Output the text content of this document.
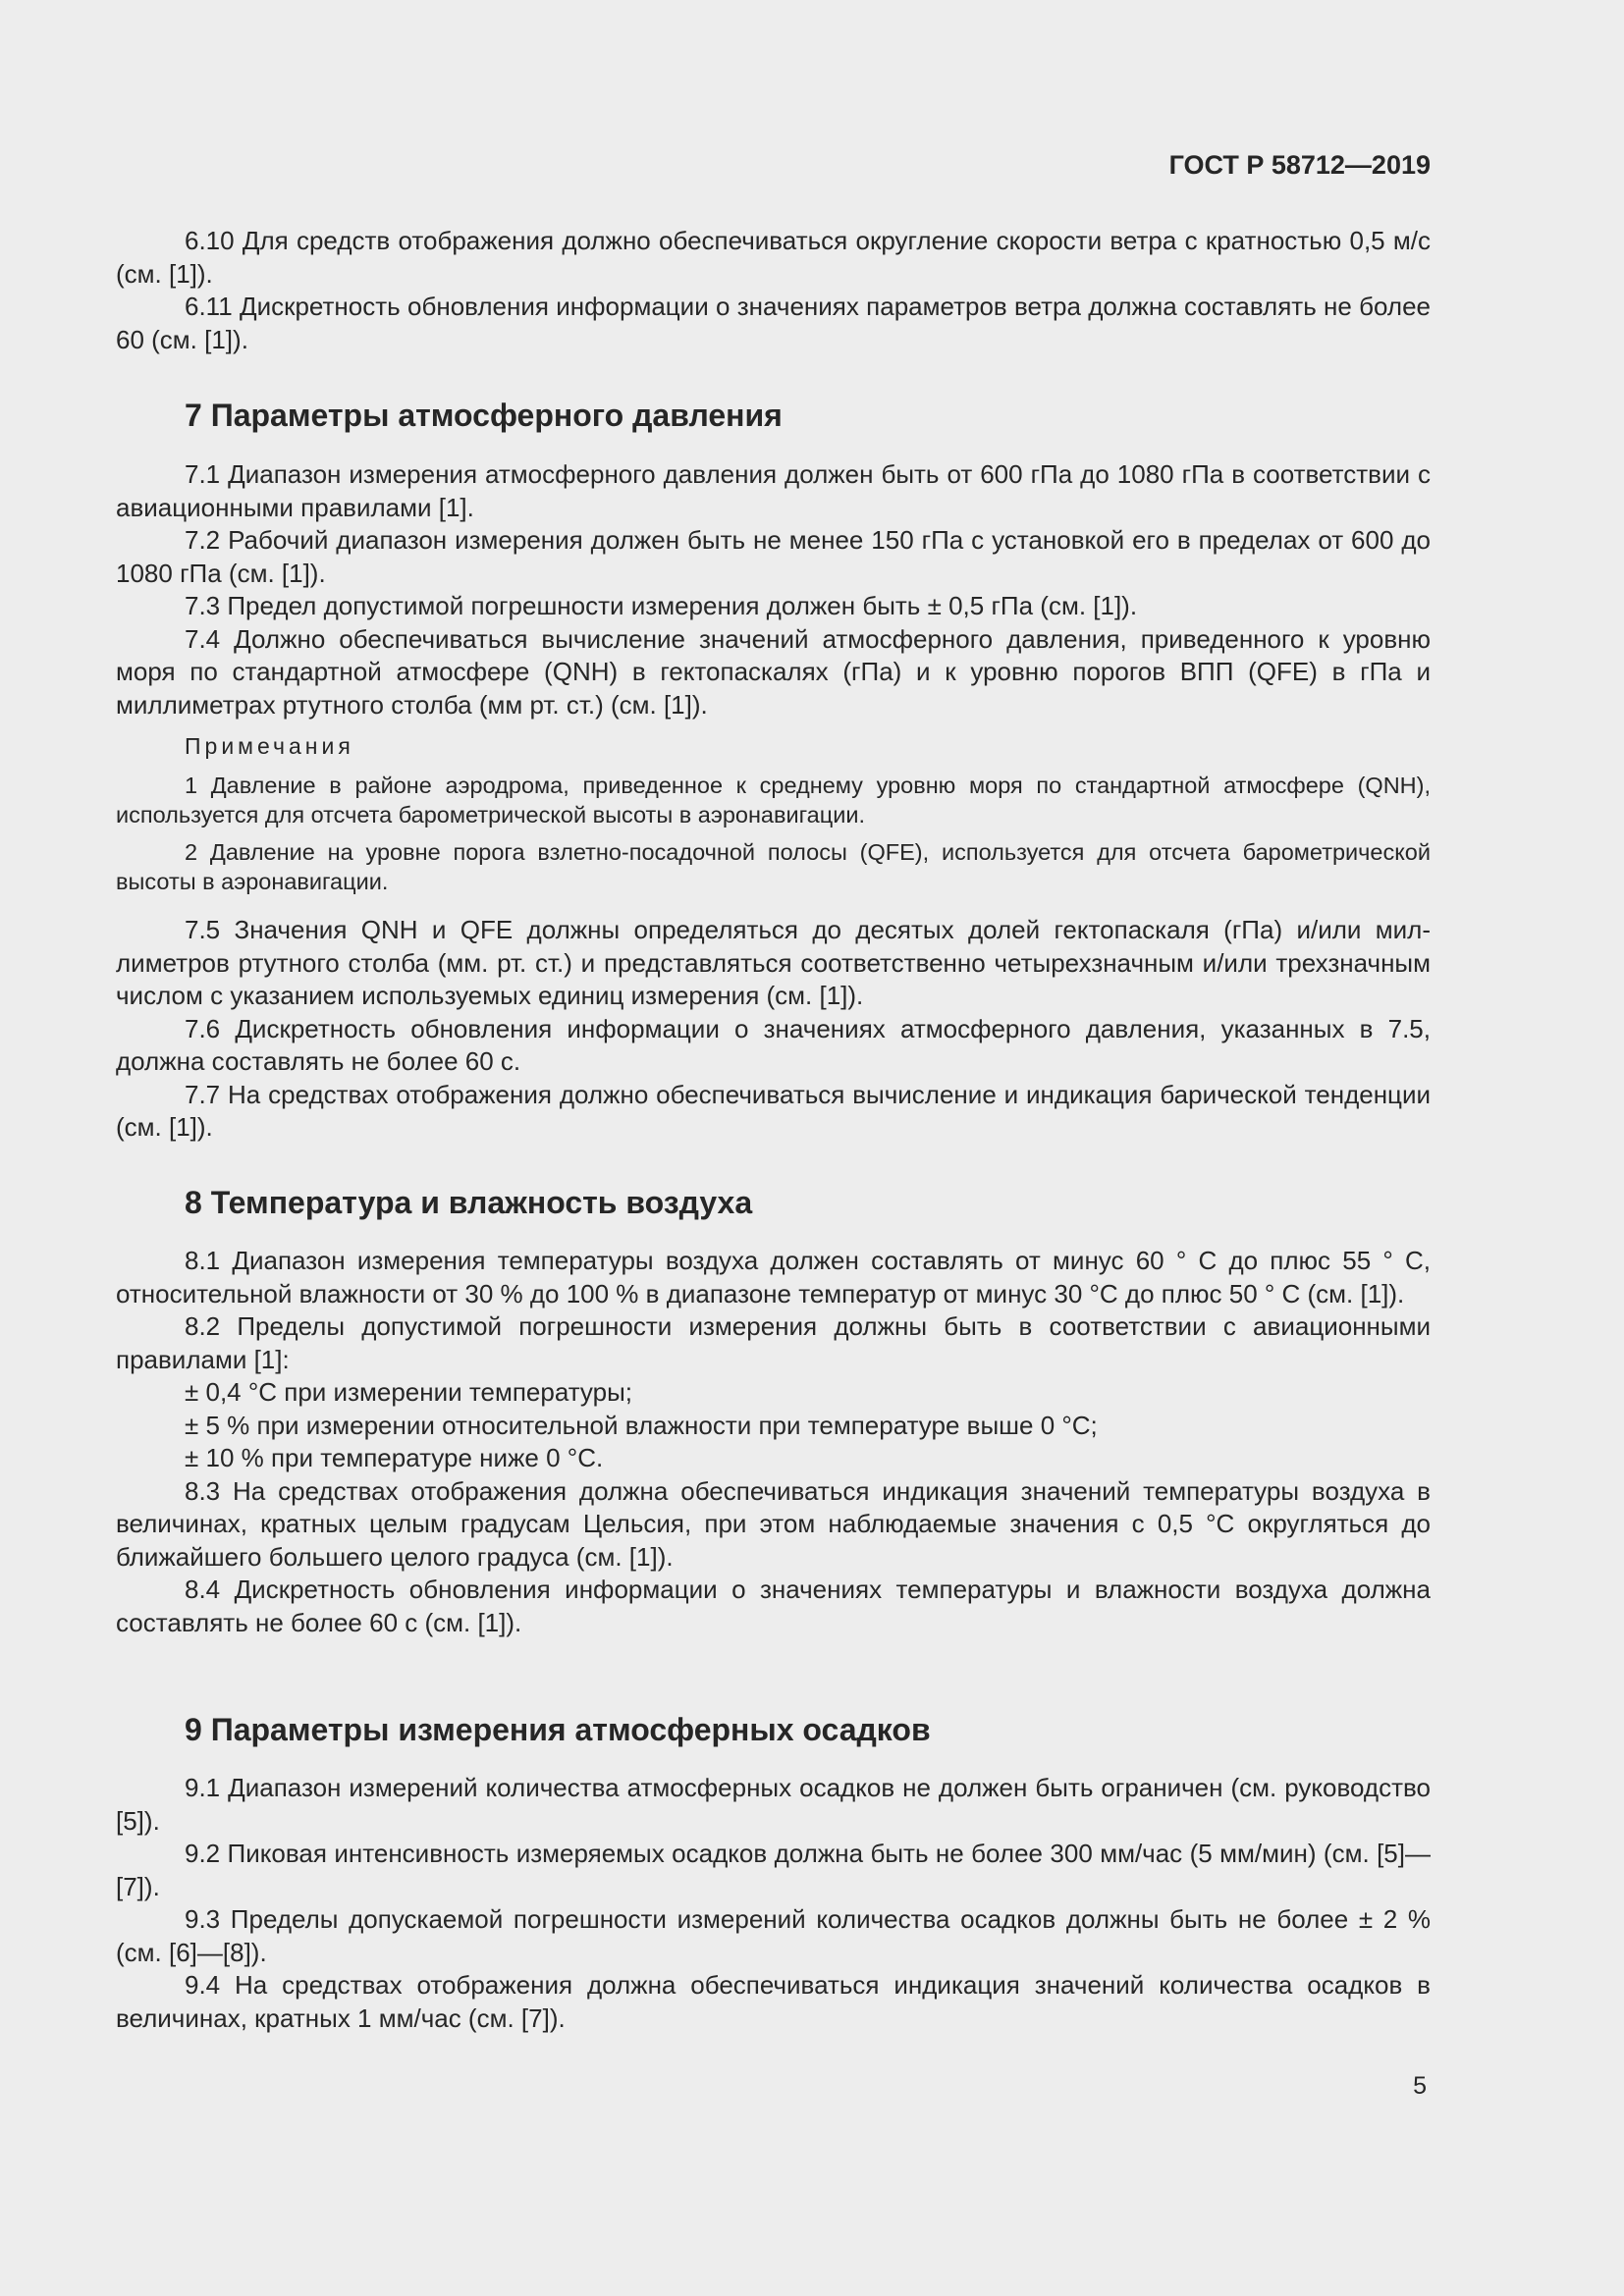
ГОСТ Р 58712—2019

6.10 Для средств отображения должно обеспечиваться округление скорости ветра с кратностью 0,5 м/с (см. [1]).

6.11 Дискретность обновления информации о значениях параметров ветра должна составлять не более 60 (см. [1]).

7 Параметры атмосферного давления

7.1 Диапазон измерения атмосферного давления должен быть от 600 гПа до 1080 гПа в соответствии с авиационными правилами [1].

7.2 Рабочий диапазон измерения должен быть не менее 150 гПа с установкой его в пределах от 600 до 1080 гПа (см. [1]).

7.3 Предел допустимой погрешности измерения должен быть ± 0,5 гПа (см. [1]).

7.4 Должно обеспечиваться вычисление значений атмосферного давления, приведенного к уровню моря по стандартной атмосфере (QNH) в гектопаскалях (гПа) и к уровню порогов ВПП (QFE) в гПа и миллиметрах ртутного столба (мм рт. ст.) (см. [1]).

Примечания

1 Давление в районе аэродрома, приведенное к среднему уровню моря по стандартной атмосфере (QNH), используется для отсчета барометрической высоты в аэронавигации.

2 Давление на уровне порога взлетно-посадочной полосы (QFE), используется для отсчета барометрической высоты в аэронавигации.

7.5 Значения QNH и QFE должны определяться до десятых долей гектопаскаля (гПа) и/или миллиметров ртутного столба (мм. рт. ст.) и представляться соответственно четырехзначным и/или трехзначным числом с указанием используемых единиц измерения (см. [1]).

7.6 Дискретность обновления информации о значениях атмосферного давления, указанных в 7.5, должна составлять не более 60 с.

7.7 На средствах отображения должно обеспечиваться вычисление и индикация барической тенденции (см. [1]).

8 Температура и влажность воздуха

8.1 Диапазон измерения температуры воздуха должен составлять от минус 60 ° С до плюс 55 ° С, относительной влажности от 30 % до 100 % в диапазоне температур от минус 30 °С до плюс 50 ° С (см. [1]).

8.2 Пределы допустимой погрешности измерения должны быть в соответствии с авиационными правилами [1]:

± 0,4 °С при измерении температуры;

± 5 % при измерении относительной влажности при температуре выше 0 °С;

± 10 % при температуре ниже 0 °С.

8.3 На средствах отображения должна обеспечиваться индикация значений температуры воздуха в величинах, кратных целым градусам Цельсия, при этом наблюдаемые значения с 0,5 °С округляться до ближайшего большего целого градуса (см. [1]).

8.4 Дискретность обновления информации о значениях температуры и влажности воздуха должна составлять не более 60 с (см. [1]).

9 Параметры измерения атмосферных осадков

9.1 Диапазон измерений количества атмосферных осадков не должен быть ограничен (см. руководство [5]).

9.2 Пиковая интенсивность измеряемых осадков должна быть не более 300 мм/час (5 мм/мин) (см. [5]—[7]).

9.3 Пределы допускаемой погрешности измерений количества осадков должны быть не более ± 2 % (см. [6]—[8]).

9.4 На средствах отображения должна обеспечиваться индикация значений количества осадков в величинах, кратных 1 мм/час (см. [7]).

5
